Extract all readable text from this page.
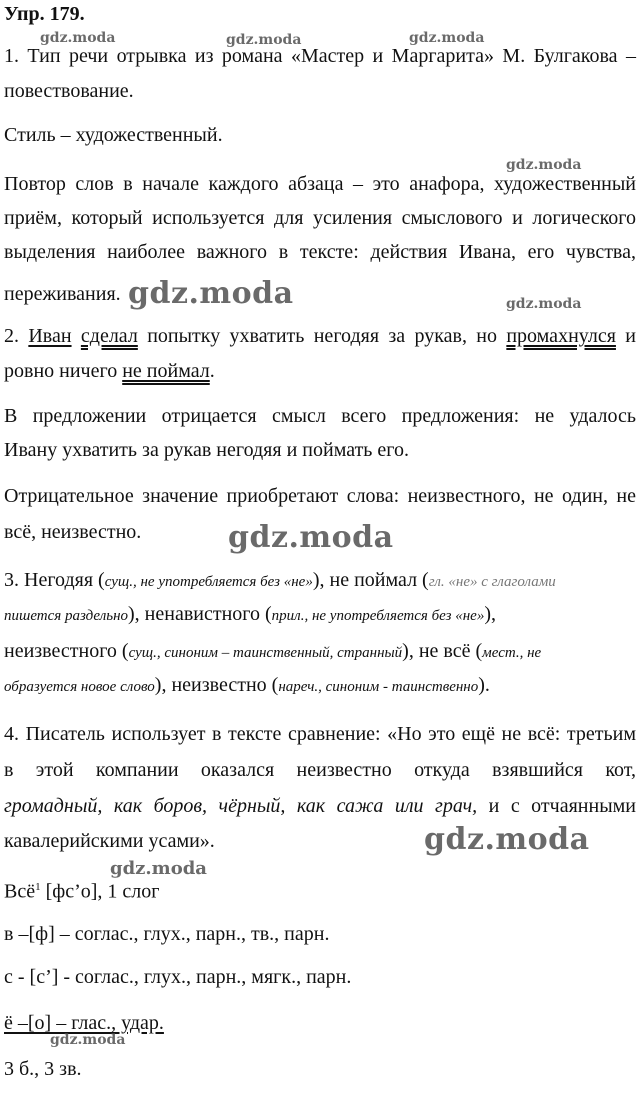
Упр. 179.
1. Тип речи отрывка из романа «Мастер и Маргарита» М. Булгакова –
повествование.
Стиль – художественный.
Повтор слов в начале каждого абзаца – это анафора, художественный
приём, который используется для усиления смыслового и логического
выделения наиболее важного в тексте: действия Ивана, его чувства,
переживания.
2. Иван сделал попытку ухватить негодяя за рукав, но промахнулся и
ровно ничего не поймал.
В предложении отрицается смысл всего предложения: не удалось
Ивану ухватить за рукав негодяя и поймать его.
Отрицательное значение приобретают слова: неизвестного, не один, не
всё, неизвестно.
3. Негодяя (сущ., не употребляется без «не»), не поймал (гл. «не» с глаголами
пишется раздельно), ненавистного (прил., не употребляется без «не»),
неизвестного (сущ., синоним – таинственный, странный), не всё (мест., не
образуется новое слово), неизвестно (нареч., синоним - таинственно).
4. Писатель использует в тексте сравнение: «Но это ещё не всё: третьим
в этой компании оказался неизвестно откуда взявшийся кот,
громадный, как боров, чёрный, как сажа или грач, и с отчаянными
кавалерийскими усами».
Всё$^1$ [фс’о], 1 слог
в –[ф] – соглас., глух., парн., тв., парн.
с - [с’] - соглас., глух., парн., мягк., парн.
ё –[о] – глас., удар.
3 б., 3 зв.
gdz.moda	gdz.moda	gdz.moda
gdz.moda
gdz.moda	gdz.moda
gdz.moda
gdz.moda
gdz.moda
gdz.moda
